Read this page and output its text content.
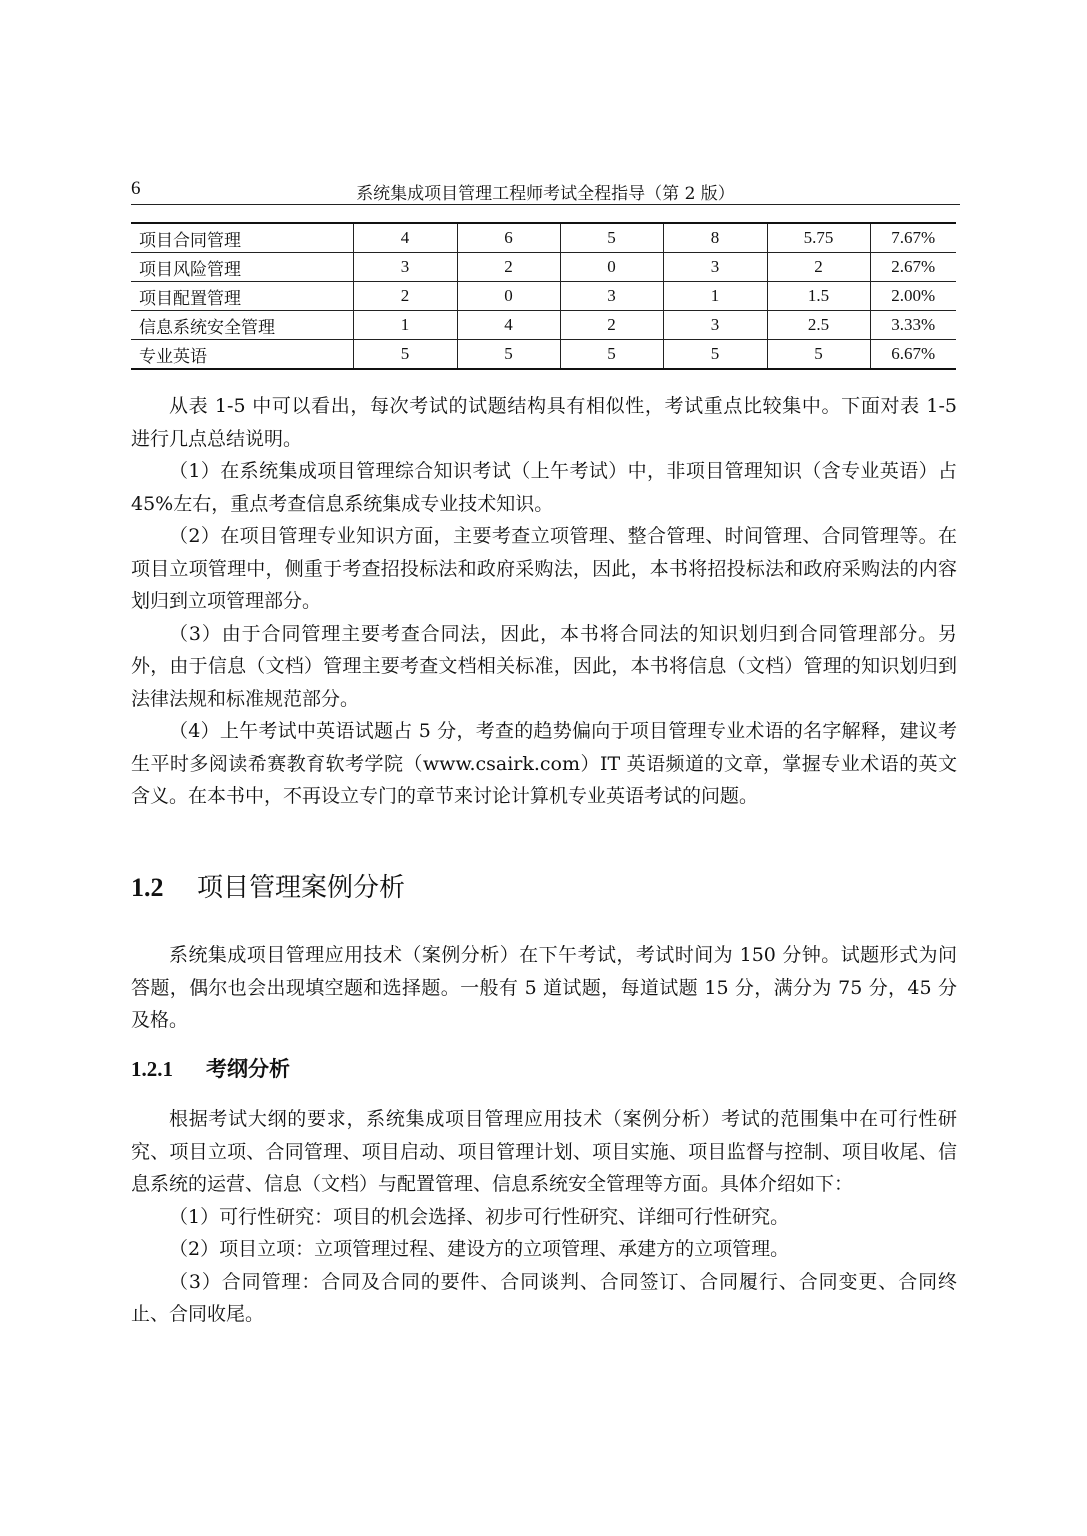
6	系统集成项目管理工程师考试全程指导（第 2 版）
项目合同管理	4	6	5	8	5.75	7.67%
项目风险管理	3	2	0	3	2	2.67%
项目配置管理	2	0	3	1	1.5	2.00%
信息系统安全管理	1	4	2	3	2.5	3.33%
专业英语	5	5	5	5	5	6.67%

从表 1-5 中可以看出，每次考试的试题结构具有相似性，考试重点比较集中。下面对表 1-5 进行几点总结说明。

（1）在系统集成项目管理综合知识考试（上午考试）中，非项目管理知识（含专业英语）占 45%左右，重点考查信息系统集成专业技术知识。

（2）在项目管理专业知识方面，主要考查立项管理、整合管理、时间管理、合同管理等。在项目立项管理中，侧重于考查招投标法和政府采购法，因此，本书将招投标法和政府采购法的内容划归到立项管理部分。

（3）由于合同管理主要考查合同法，因此，本书将合同法的知识划归到合同管理部分。另外，由于信息（文档）管理主要考查文档相关标准，因此，本书将信息（文档）管理的知识划归到法律法规和标准规范部分。

（4）上午考试中英语试题占 5 分，考查的趋势偏向于项目管理专业术语的名字解释，建议考生平时多阅读希赛教育软考学院（www.csairk.com）IT 英语频道的文章，掌握专业术语的英文含义。在本书中，不再设立专门的章节来讨论计算机专业英语考试的问题。

1.2 项目管理案例分析

系统集成项目管理应用技术（案例分析）在下午考试，考试时间为 150 分钟。试题形式为问答题，偶尔也会出现填空题和选择题。一般有 5 道试题，每道试题 15 分，满分为 75 分，45 分及格。

1.2.1 考纲分析

根据考试大纲的要求，系统集成项目管理应用技术（案例分析）考试的范围集中在可行性研究、项目立项、合同管理、项目启动、项目管理计划、项目实施、项目监督与控制、项目收尾、信息系统的运营、信息（文档）与配置管理、信息系统安全管理等方面。具体介绍如下：

（1）可行性研究：项目的机会选择、初步可行性研究、详细可行性研究。

（2）项目立项：立项管理过程、建设方的立项管理、承建方的立项管理。

（3）合同管理：合同及合同的要件、合同谈判、合同签订、合同履行、合同变更、合同终止、合同收尾。
